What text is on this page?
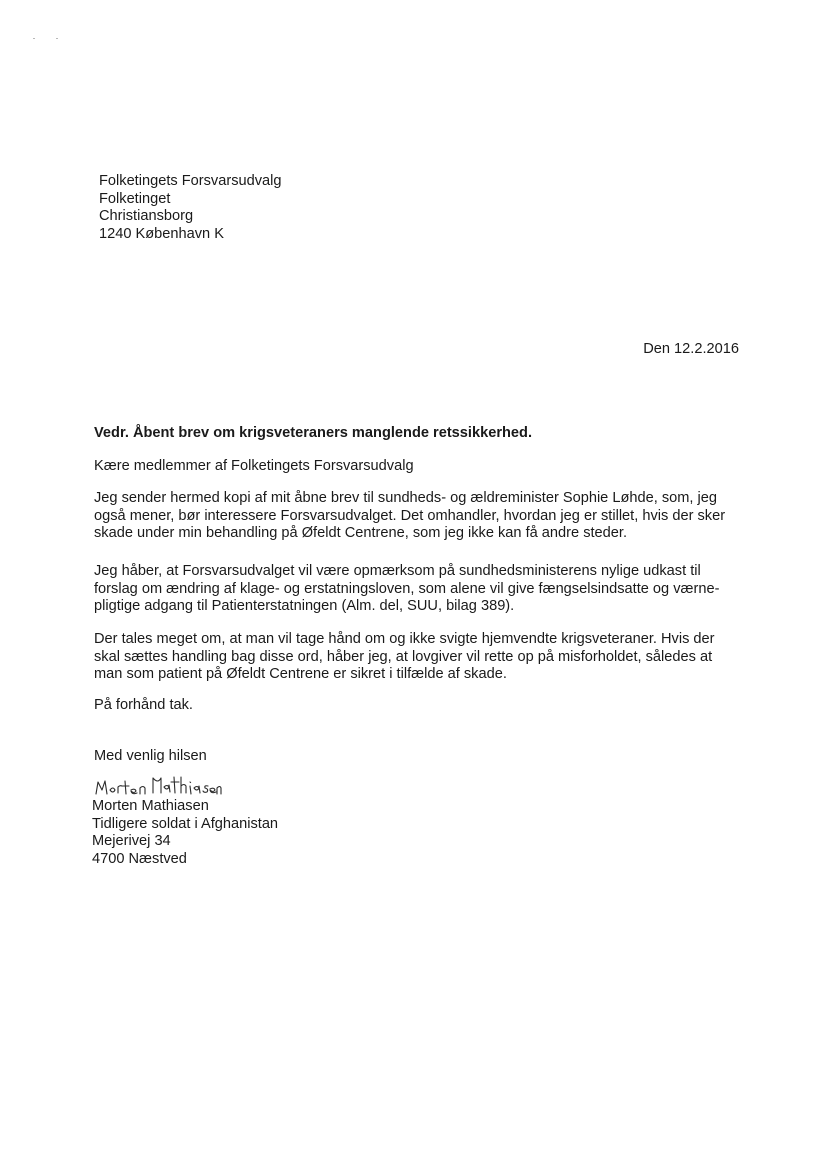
Folketingets Forsvarsudvalg
Folketinget
Christiansborg
1240 København K
Den 12.2.2016
Vedr. Åbent brev om krigsveteraners manglende retssikkerhed.
Kære medlemmer af Folketingets Forsvarsudvalg
Jeg sender hermed kopi af mit åbne brev til sundheds- og ældreminister Sophie Løhde, som, jeg
også mener, bør interessere Forsvarsudvalget. Det omhandler, hvordan jeg er stillet, hvis der sker
skade under min behandling på Øfeldt Centrene, som jeg ikke kan få andre steder.
Jeg håber, at Forsvarsudvalget vil være opmærksom på sundhedsministerens nylige udkast til
forslag om ændring af klage- og erstatningsloven, som alene vil give fængselsindsatte og værne-
pligtige adgang til Patienterstatningen (Alm. del, SUU, bilag 389).
Der tales meget om, at man vil tage hånd om og ikke svigte hjemvendte krigsveteraner. Hvis der
skal sættes handling bag disse ord, håber jeg, at lovgiver vil rette op på misforholdet, således at
man som patient på Øfeldt Centrene er sikret i tilfælde af skade.
På forhånd tak.
Med venlig hilsen
Morten Mathiasen
Tidligere soldat i Afghanistan
Mejerivej 34
4700 Næstved
